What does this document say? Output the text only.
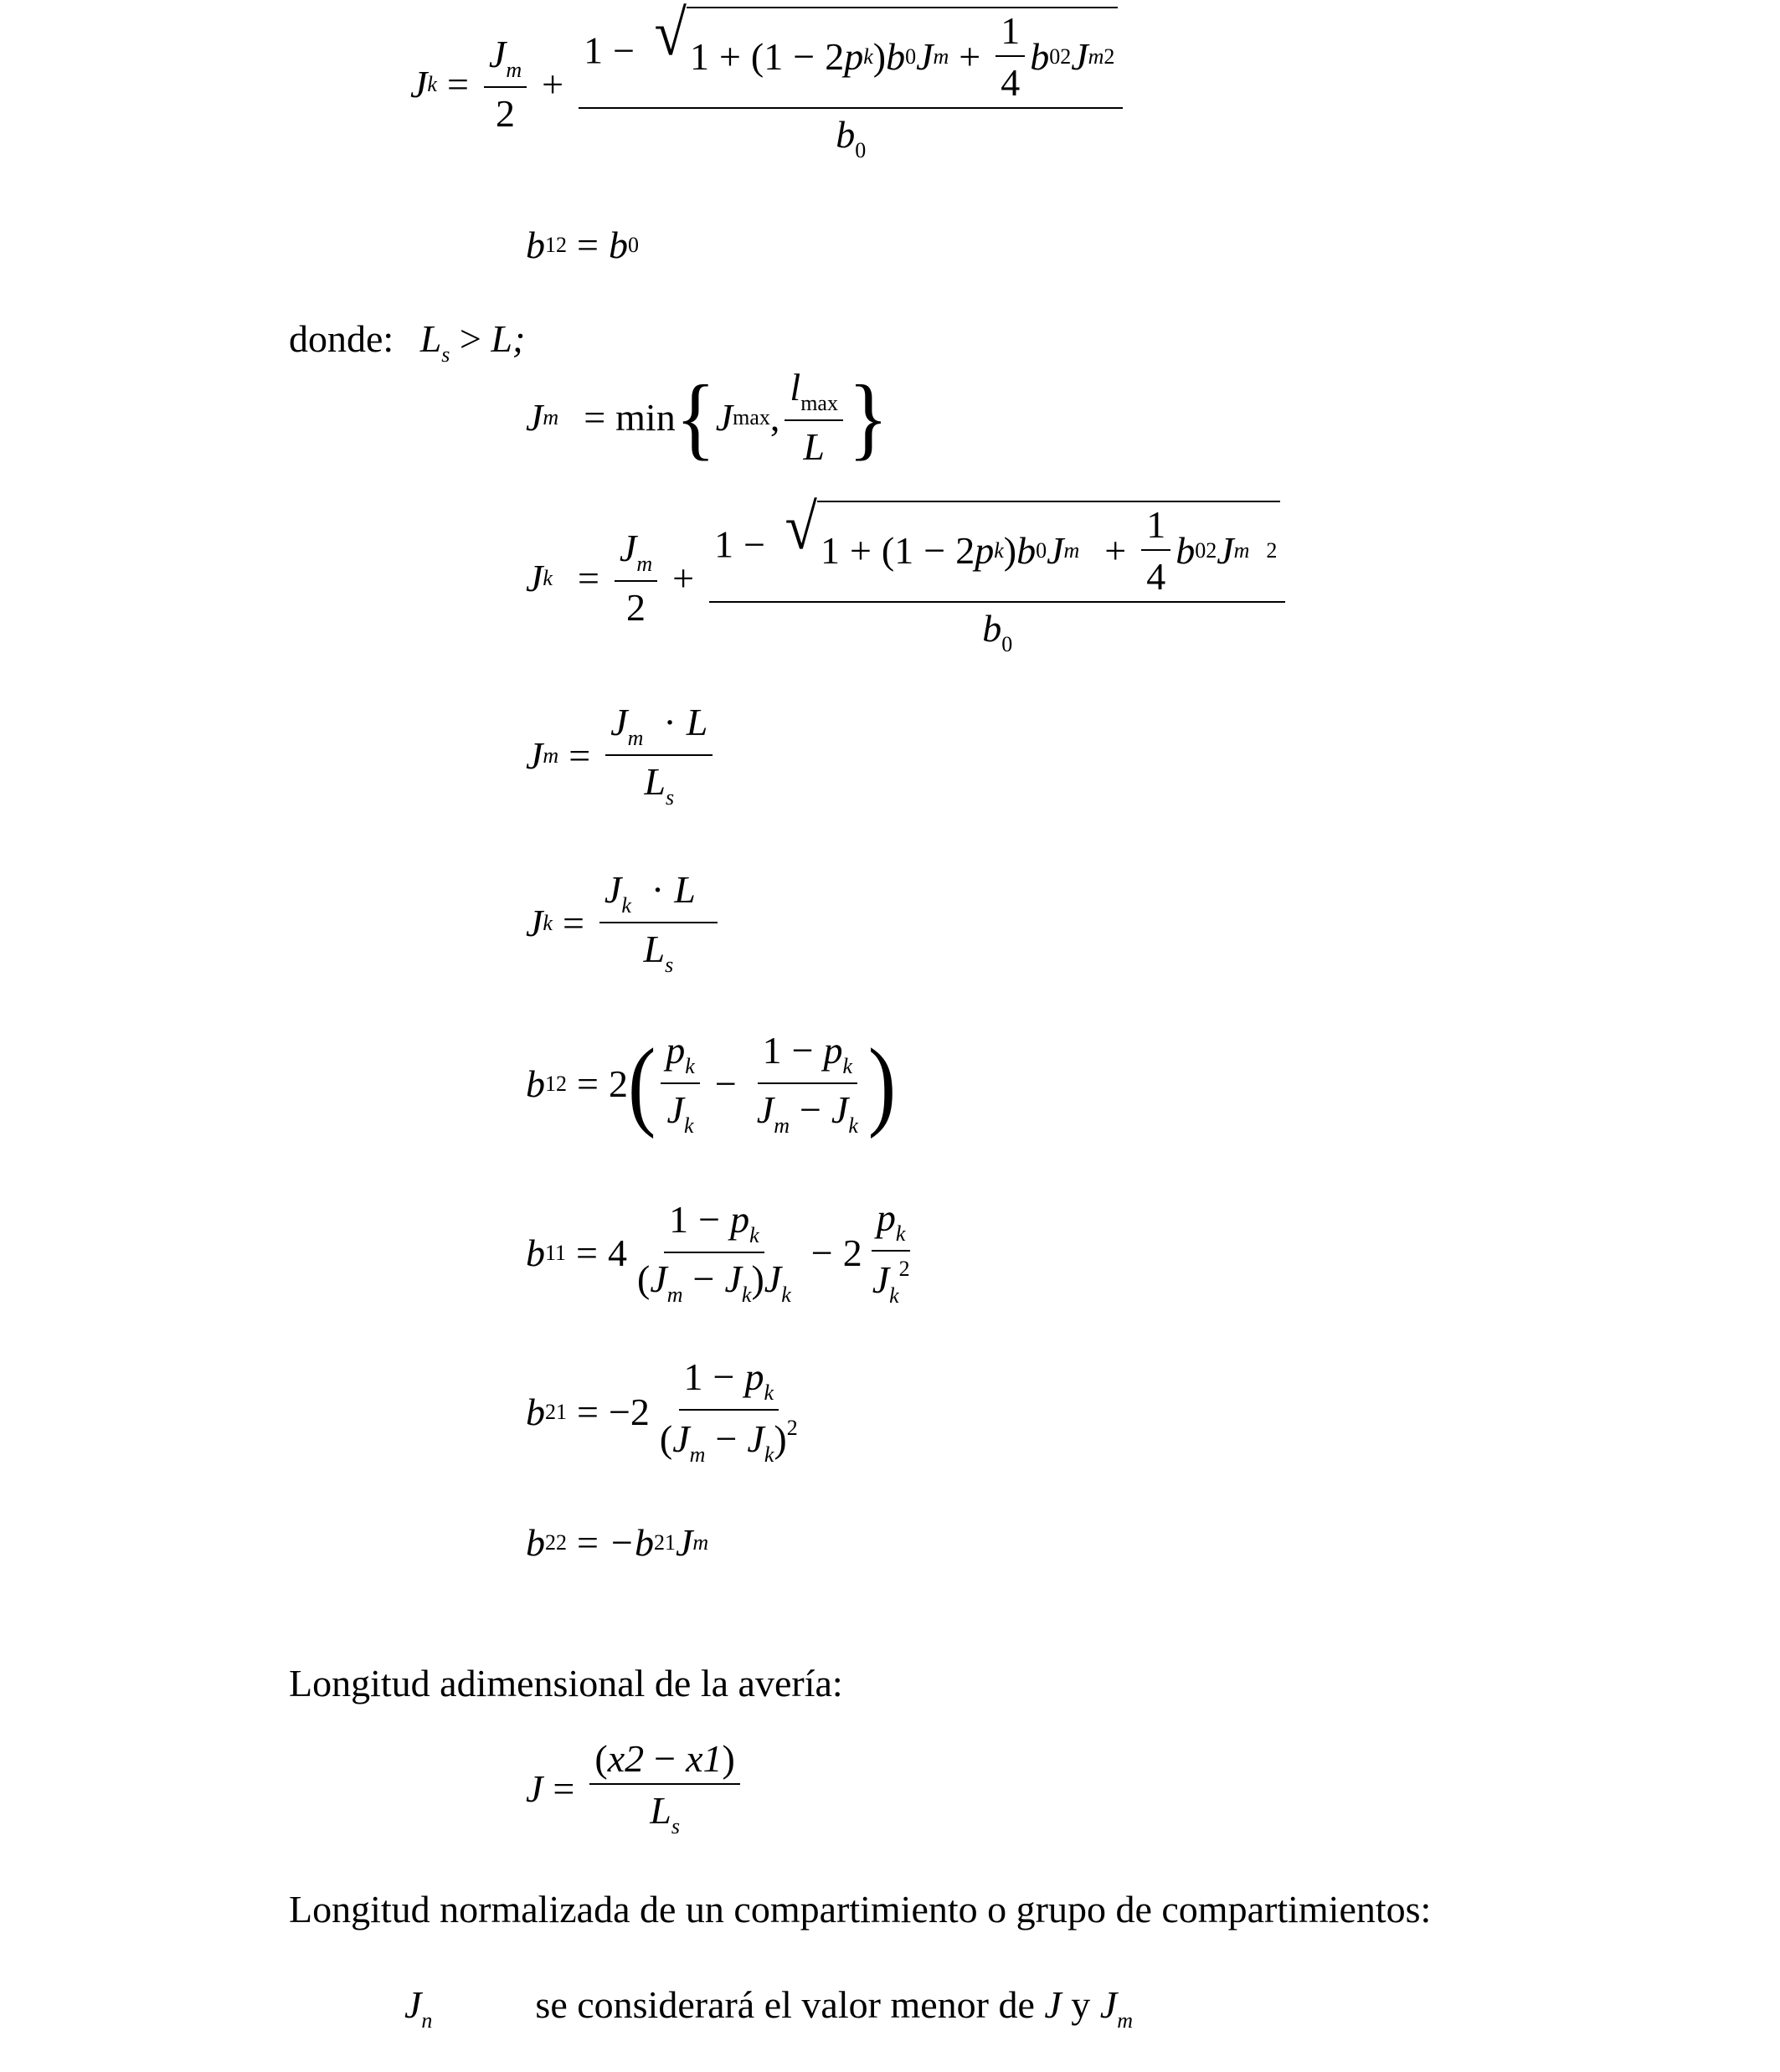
J $k = \frac{J_m}{2}$ +
1 − √ 1 + ( 1 − 2 p k ) b 0 J $m + \frac{1}{4}$ b 0 2 J m 2
$b_0$
b 12 = b 0
donde: $L_s > L$;
J m = min { J max , $\frac{l_{max}}{L}$ }
J $k = \frac{J_m}{2}$ +
1 − √ 1 + ( 1 − 2 p k ) b 0 J $m + \frac{1}{4}$ b 0 2 J m 2
$b_0$
J $m = \frac{J_m \cdot L}{L_s}$
J $k = \frac{J_k \cdot L}{L_s}$
b 12 = 2 ( $\frac{p_k}{J_k} - \frac{1 - p_k}{J_m - J_k}$ )
b $11 = 4 \frac{1 - p_k}{(J_m - J_k)J_k} - 2 \frac{p_k}{J_k^2}$
b $21 = -2 \frac{1 - p_k}{(J_m - J_k)^2}$
b 22 = −b 21 J m
Longitud adimensional de la avería:
$J = \frac{(x2 - x1)}{L_s}$
Longitud normalizada de un compartimiento o grupo de compartimientos:
$J_n$	se considerará el valor menor de J y $J_m$
